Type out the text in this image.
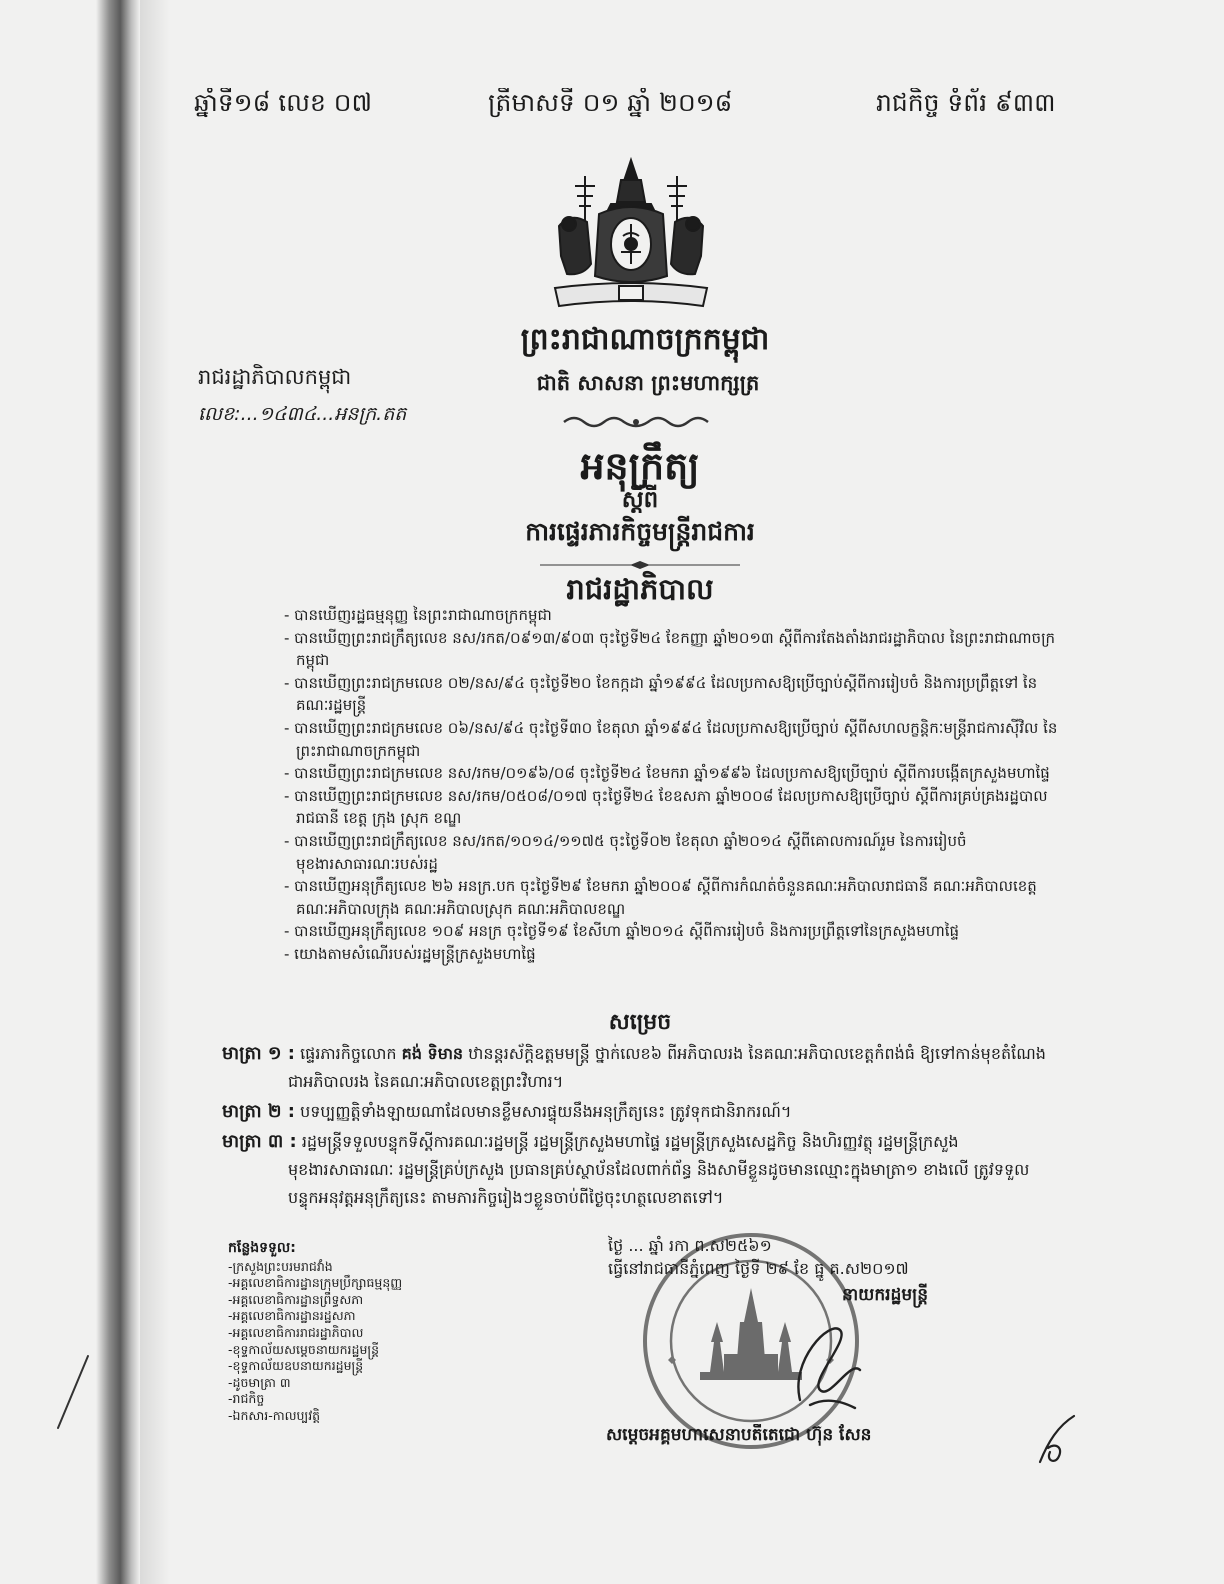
ឆ្នាំទី១៨ លេខ ០៧	ត្រីមាសទី ០១ ឆ្នាំ ២០១៨	រាជកិច្ច ទំព័រ ៩៣៣
ព្រះរាជាណាចក្រកម្ពុជា
ជាតិ សាសនា ព្រះមហាក្សត្រ
រាជរដ្ឋាភិបាលកម្ពុជា
លេខ:...១៤៣៤...អនក្រ.តត
អនុក្រឹត្យ
ស្តីពី
ការផ្ទេរភារកិច្ចមន្ត្រីរាជការ
រាជរដ្ឋាភិបាល
- បានឃើញរដ្ឋធម្មនុញ្ញ នៃព្រះរាជាណាចក្រកម្ពុជា
- បានឃើញព្រះរាជក្រឹត្យលេខ នស/រកត/០៩១៣/៩០៣ ចុះថ្ងៃទី២៤ ខែកញ្ញា ឆ្នាំ២០១៣ ស្តីពីការតែងតាំងរាជរដ្ឋាភិបាល នៃព្រះរាជាណាចក្រកម្ពុជា
- បានឃើញព្រះរាជក្រមលេខ ០២/នស/៩៤ ចុះថ្ងៃទី២០ ខែកក្កដា ឆ្នាំ១៩៩៤ ដែលប្រកាសឱ្យប្រើច្បាប់ស្តីពីការរៀបចំ និងការប្រព្រឹត្តទៅ នៃគណៈរដ្ឋមន្ត្រី
- បានឃើញព្រះរាជក្រមលេខ ០៦/នស/៩៤ ចុះថ្ងៃទី៣០ ខែតុលា ឆ្នាំ១៩៩៤ ដែលប្រកាសឱ្យប្រើច្បាប់ ស្តីពីសហលក្ខន្តិកៈមន្ត្រីរាជការស៊ីវិល នៃព្រះរាជាណាចក្រកម្ពុជា
- បានឃើញព្រះរាជក្រមលេខ នស/រកម/០១៩៦/០៨ ចុះថ្ងៃទី២៤ ខែមករា ឆ្នាំ១៩៩៦ ដែលប្រកាសឱ្យប្រើច្បាប់ ស្តីពីការបង្កើតក្រសួងមហាផ្ទៃ
- បានឃើញព្រះរាជក្រមលេខ នស/រកម/០៥០៨/០១៧ ចុះថ្ងៃទី២៤ ខែឧសភា ឆ្នាំ២០០៨ ដែលប្រកាសឱ្យប្រើច្បាប់ ស្តីពីការគ្រប់គ្រងរដ្ឋបាលរាជធានី ខេត្ត ក្រុង ស្រុក ខណ្ឌ
- បានឃើញព្រះរាជក្រឹត្យលេខ នស/រកត/១០១៤/១១៧៥ ចុះថ្ងៃទី០២ ខែតុលា ឆ្នាំ២០១៤ ស្តីពីគោលការណ៍រួម នៃការរៀបចំមុខងារសាធារណៈរបស់រដ្ឋ
- បានឃើញអនុក្រឹត្យលេខ ២៦ អនក្រ.បក ចុះថ្ងៃទី២៩ ខែមករា ឆ្នាំ២០០៩ ស្តីពីការកំណត់ចំនួនគណៈអភិបាលរាជធានី គណៈអភិបាលខេត្ត គណៈអភិបាលក្រុង គណៈអភិបាលស្រុក គណៈអភិបាលខណ្ឌ
- បានឃើញអនុក្រឹត្យលេខ ១០៩ អនក្រ ចុះថ្ងៃទី១៩ ខែសីហា ឆ្នាំ២០១៤ ស្តីពីការរៀបចំ និងការប្រព្រឹត្តទៅនៃក្រសួងមហាផ្ទៃ
- យោងតាមសំណើរបស់រដ្ឋមន្ត្រីក្រសួងមហាផ្ទៃ
សម្រេច
មាត្រា ១ : ផ្ទេរភារកិច្ចលោក គង់ ទិមាន ឋានន្តរស័ក្តិឧត្តមមន្ត្រី ថ្នាក់លេខ៦ ពីអភិបាលរង នៃគណៈអភិបាលខេត្តកំពង់ធំ ឱ្យទៅកាន់មុខតំណែងជាអភិបាលរង នៃគណៈអភិបាលខេត្តព្រះវិហារ។
មាត្រា ២ : បទប្បញ្ញត្តិទាំងឡាយណាដែលមានខ្លឹមសារផ្ទុយនឹងអនុក្រឹត្យនេះ ត្រូវទុកជានិរាករណ៍។
មាត្រា ៣ : រដ្ឋមន្ត្រីទទួលបន្ទុកទីស្តីការគណៈរដ្ឋមន្ត្រី រដ្ឋមន្ត្រីក្រសួងមហាផ្ទៃ រដ្ឋមន្ត្រីក្រសួងសេដ្ឋកិច្ច និងហិរញ្ញវត្ថុ រដ្ឋមន្ត្រីក្រសួងមុខងារសាធារណៈ រដ្ឋមន្ត្រីគ្រប់ក្រសួង ប្រធានគ្រប់ស្ថាប័នដែលពាក់ព័ន្ធ និងសាមីខ្លួនដូចមានឈ្មោះក្នុងមាត្រា១ ខាងលើ ត្រូវទទួលបន្ទុកអនុវត្តអនុក្រឹត្យនេះ តាមភារកិច្ចរៀងៗខ្លួនចាប់ពីថ្ងៃចុះហត្ថលេខាតទៅ។
ថ្ងៃ ... ឆ្នាំ រកា ព.ស២៥៦១
ធ្វើនៅរាជធានីភ្នំពេញ ថ្ងៃទី ២៩ ខែ ធ្នូ គ.ស២០១៧
នាយករដ្ឋមន្ត្រី
សម្តេចអគ្គមហាសេនាបតីតេជោ ហ៊ុន សែន
កន្លែងទទួល:
-ក្រសួងព្រះបរមរាជវាំង
-អគ្គលេខាធិការដ្ឋានក្រុមប្រឹក្សាធម្មនុញ្ញ
-អគ្គលេខាធិការដ្ឋានព្រឹទ្ធសភា
-អគ្គលេខាធិការដ្ឋានរដ្ឋសភា
-អគ្គលេខាធិការរាជរដ្ឋាភិបាល
-ខុទ្ទកាល័យសម្តេចនាយករដ្ឋមន្ត្រី
-ខុទ្ទកាល័យឧបនាយករដ្ឋមន្ត្រី
-ដូចមាត្រា ៣
-រាជកិច្ច
-ឯកសារ-កាលប្បវត្តិ
